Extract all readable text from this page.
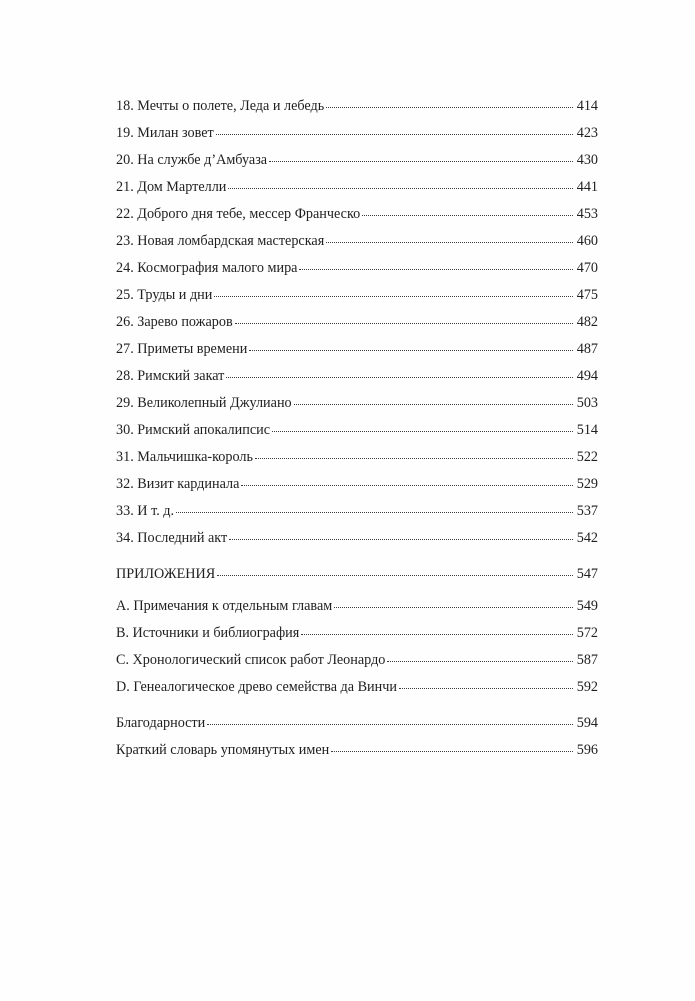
18. Мечты о полете, Леда и лебедь	414
19. Милан зовет	423
20. На службе д’Амбуаза	430
21. Дом Мартелли	441
22. Доброго дня тебе, мессер Франческо	453
23. Новая ломбардская мастерская	460
24. Космография малого мира	470
25. Труды и дни	475
26. Зарево пожаров	482
27. Приметы времени	487
28. Римский закат	494
29. Великолепный Джулиано	503
30. Римский апокалипсис	514
31. Мальчишка-король	522
32. Визит кардинала	529
33. И т. д.	537
34. Последний акт	542
ПРИЛОЖЕНИЯ	547
A. Примечания к отдельным главам	549
B. Источники и библиография	572
C. Хронологический список работ Леонардо	587
D. Генеалогическое древо семейства да Винчи	592
Благодарности	594
Краткий словарь упомянутых имен	596
